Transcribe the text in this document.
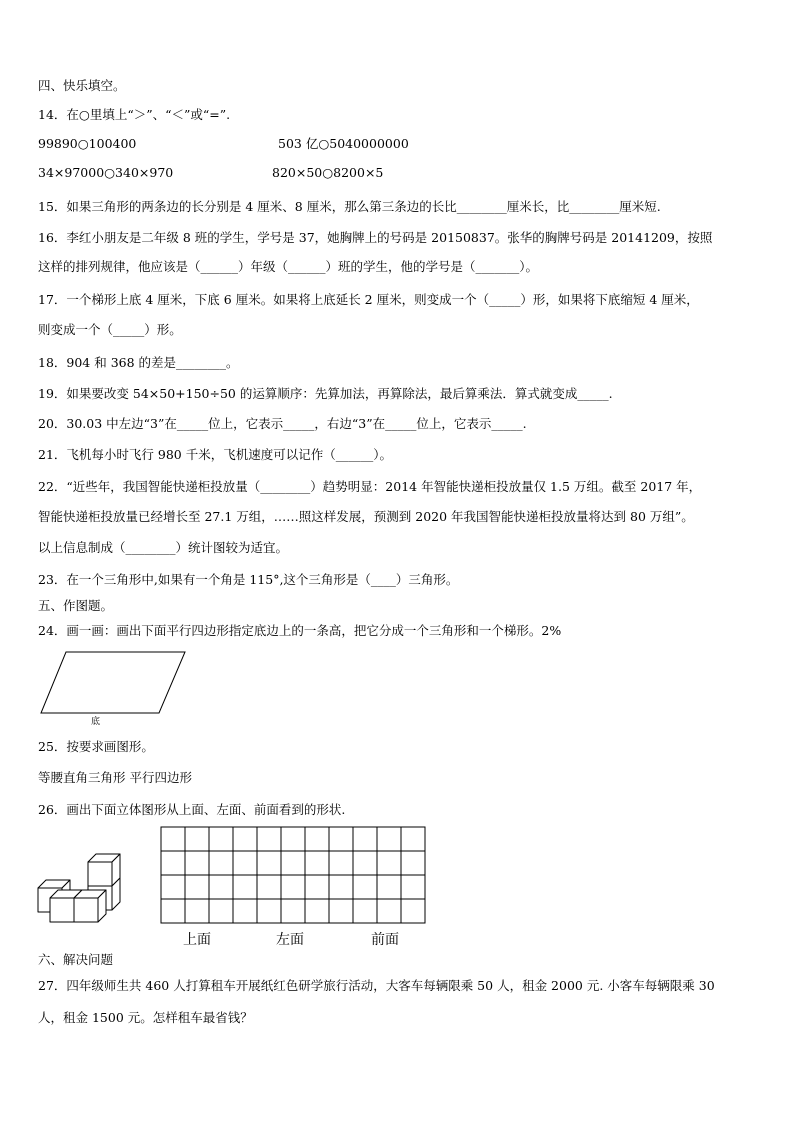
四、快乐填空。
14．在○里填上“＞”、“＜”或“=”.
99890○100400	503 亿○5040000000
34×97000○340×970	820×50○8200×5
15．如果三角形的两条边的长分别是 4 厘米、8 厘米，那么第三条边的长比________厘米长，比________厘米短.
16．李红小朋友是二年级 8 班的学生，学号是 37，她胸牌上的号码是 20150837。张华的胸牌号码是 20141209，按照
这样的排列规律，他应该是（______）年级（______）班的学生，他的学号是（_______）。
17．一个梯形上底 4 厘米，下底 6 厘米。如果将上底延长 2 厘米，则变成一个（_____）形，如果将下底缩短 4 厘米，
则变成一个（_____）形。
18．904 和 368 的差是________。
19．如果要改变 54×50+150÷50 的运算顺序：先算加法，再算除法，最后算乘法．算式就变成_____.
20．30.03 中左边“3”在_____位上，它表示_____，右边“3”在_____位上，它表示_____.
21．飞机每小时飞行 980 千米，飞机速度可以记作（______）。
22．“近些年，我国智能快递柜投放量（________）趋势明显：2014 年智能快递柜投放量仅 1.5 万组。截至 2017 年，
智能快递柜投放量已经增长至 27.1 万组，……照这样发展，预测到 2020 年我国智能快递柜投放量将达到 80 万组”。
以上信息制成（________）统计图较为适宜。
23．在一个三角形中,如果有一个角是 115°,这个三角形是（____）三角形。
五、作图题。
24．画一画：画出下面平行四边形指定底边上的一条高，把它分成一个三角形和一个梯形。2%
底
25．按要求画图形。
等腰直角三角形 平行四边形
26．画出下面立体图形从上面、左面、前面看到的形状.
上面	左面	前面
六、解决问题
27．四年级师生共 460 人打算租车开展纸红色研学旅行活动，大客车每辆限乘 50 人，租金 2000 元. 小客车每辆限乘 30
人，租金 1500 元。怎样租车最省钱？
